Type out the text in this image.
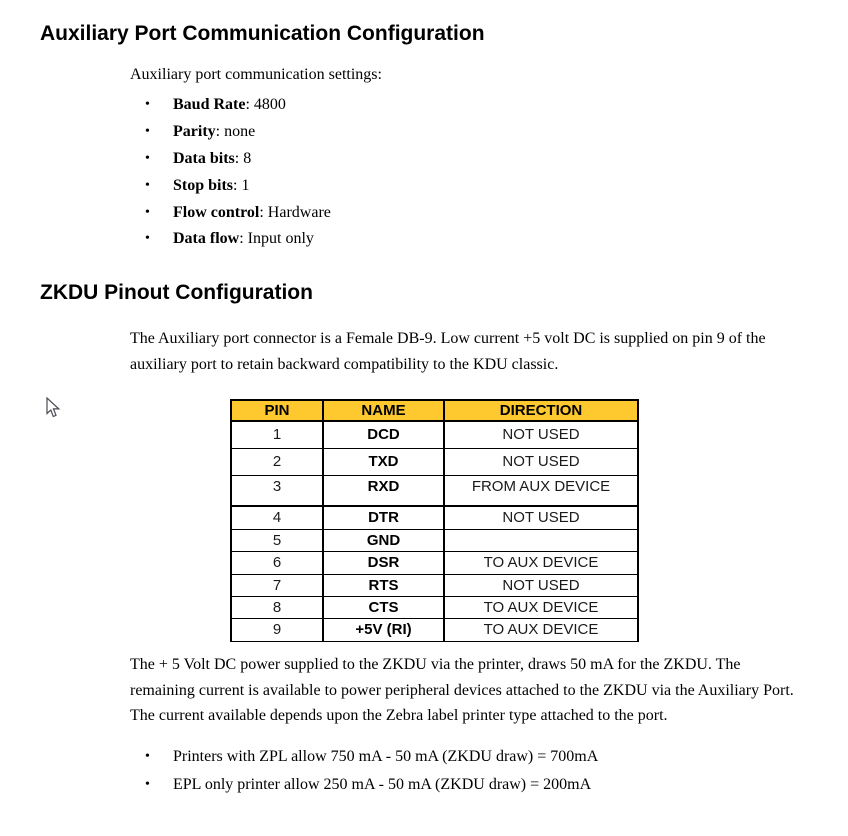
Auxiliary Port Communication Configuration

Auxiliary port communication settings:

•	Baud Rate: 4800
•	Parity: none
•	Data bits: 8
•	Stop bits: 1
•	Flow control: Hardware
•	Data flow: Input only
ZKDU Pinout Configuration

The Auxiliary port connector is a Female DB-9. Low current +5 volt DC is supplied on pin 9 of the auxiliary port to retain backward compatibility to the KDU classic.

PIN	NAME	DIRECTION
1	DCD	NOT USED
2	TXD	NOT USED
3	RXD	FROM AUX DEVICE
4	DTR	NOT USED
5	GND	
6	DSR	TO AUX DEVICE
7	RTS	NOT USED
8	CTS	TO AUX DEVICE
9	+5V (RI)	TO AUX DEVICE

The + 5 Volt DC power supplied to the ZKDU via the printer, draws 50 mA for the ZKDU. The remaining current is available to power peripheral devices attached to the ZKDU via the Auxiliary Port. The current available depends upon the Zebra label printer type attached to the port.

•	Printers with ZPL allow 750 mA - 50 mA (ZKDU draw) = 700mA
•	EPL only printer allow 250 mA - 50 mA (ZKDU draw) = 200mA
